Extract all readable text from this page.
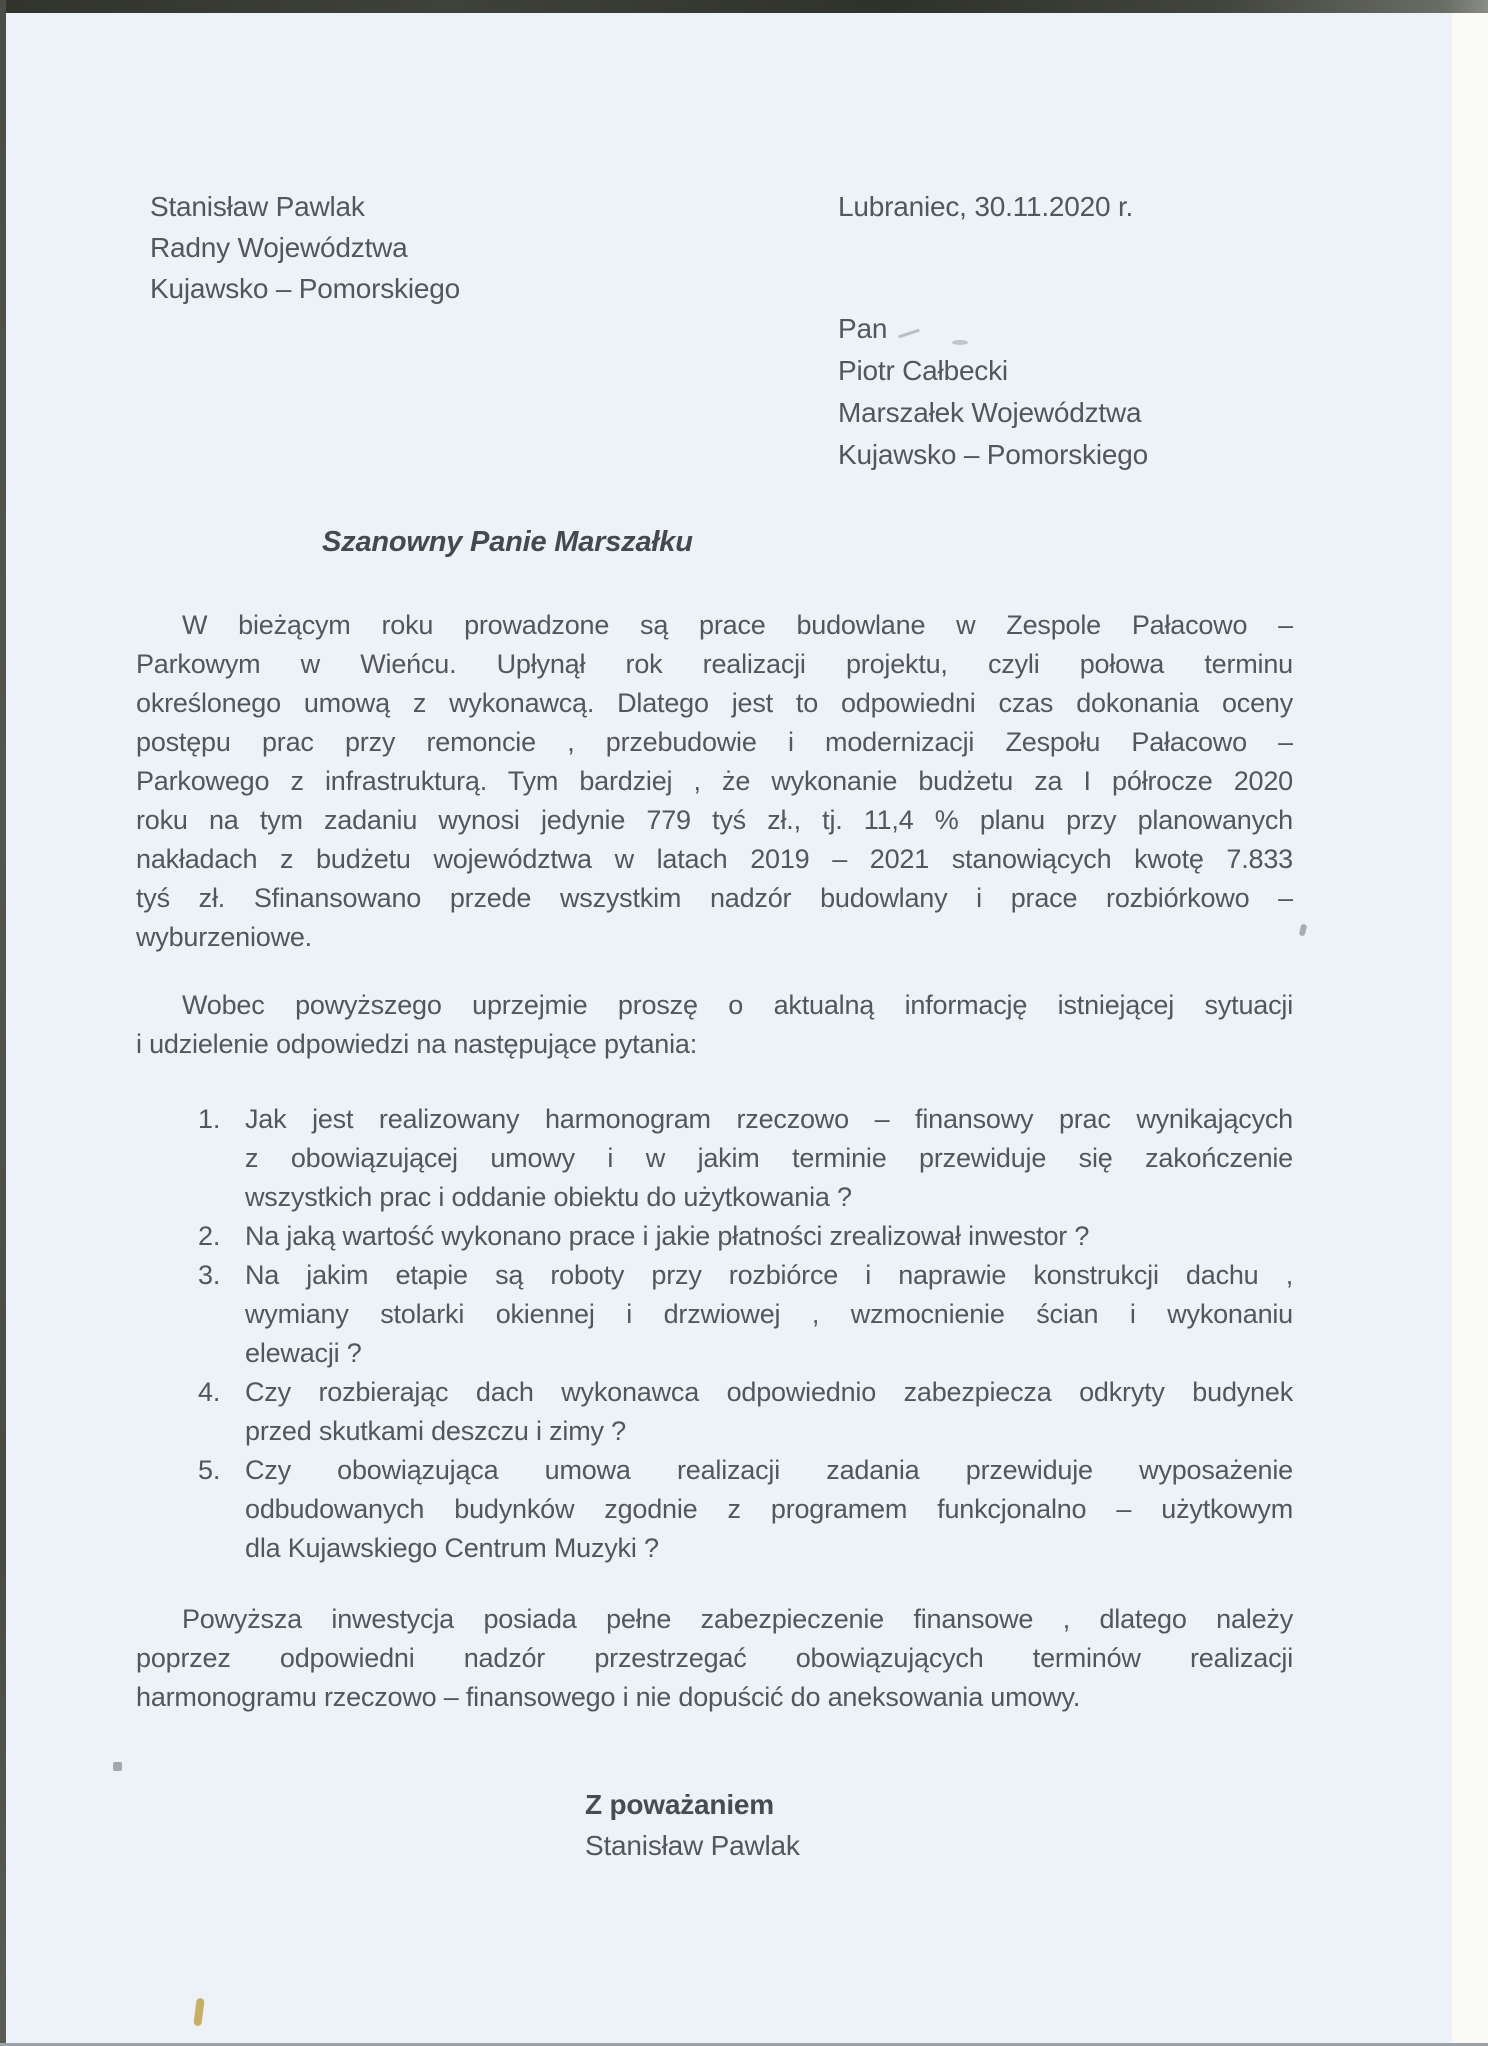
Stanisław Pawlak
Radny Województwa
Kujawsko – Pomorskiego
Lubraniec, 30.11.2020 r.
Pan
Piotr Całbecki
Marszałek Województwa
Kujawsko – Pomorskiego
Szanowny Panie Marszałku
W bieżącym roku prowadzone są prace budowlane w Zespole Pałacowo –
Parkowym w Wieńcu. Upłynął rok realizacji projektu, czyli połowa terminu
określonego umową z wykonawcą. Dlatego jest to odpowiedni czas dokonania oceny
postępu prac przy remoncie , przebudowie i modernizacji Zespołu Pałacowo –
Parkowego z infrastrukturą. Tym bardziej , że wykonanie budżetu za I półrocze 2020
roku na tym zadaniu wynosi jedynie 779 tyś zł., tj. 11,4 % planu przy planowanych
nakładach z budżetu województwa w latach 2019 – 2021 stanowiących kwotę 7.833
tyś zł. Sfinansowano przede wszystkim nadzór budowlany i prace rozbiórkowo –
wyburzeniowe.
Wobec powyższego uprzejmie proszę o aktualną informację istniejącej sytuacji
i udzielenie odpowiedzi na następujące pytania:
1. Jak jest realizowany harmonogram rzeczowo – finansowy prac wynikających
z obowiązującej umowy i w jakim terminie przewiduje się zakończenie
wszystkich prac i oddanie obiektu do użytkowania ?
2. Na jaką wartość wykonano prace i jakie płatności zrealizował inwestor ?
3. Na jakim etapie są roboty przy rozbiórce i naprawie konstrukcji dachu ,
wymiany stolarki okiennej i drzwiowej , wzmocnienie ścian i wykonaniu
elewacji ?
4. Czy rozbierając dach wykonawca odpowiednio zabezpiecza odkryty budynek
przed skutkami deszczu i zimy ?
5. Czy obowiązująca umowa realizacji zadania przewiduje wyposażenie
odbudowanych budynków zgodnie z programem funkcjonalno – użytkowym
dla Kujawskiego Centrum Muzyki ?
Powyższa inwestycja posiada pełne zabezpieczenie finansowe , dlatego należy
poprzez odpowiedni nadzór przestrzegać obowiązujących terminów realizacji
harmonogramu rzeczowo – finansowego i nie dopuścić do aneksowania umowy.
Z poważaniem
Stanisław Pawlak
